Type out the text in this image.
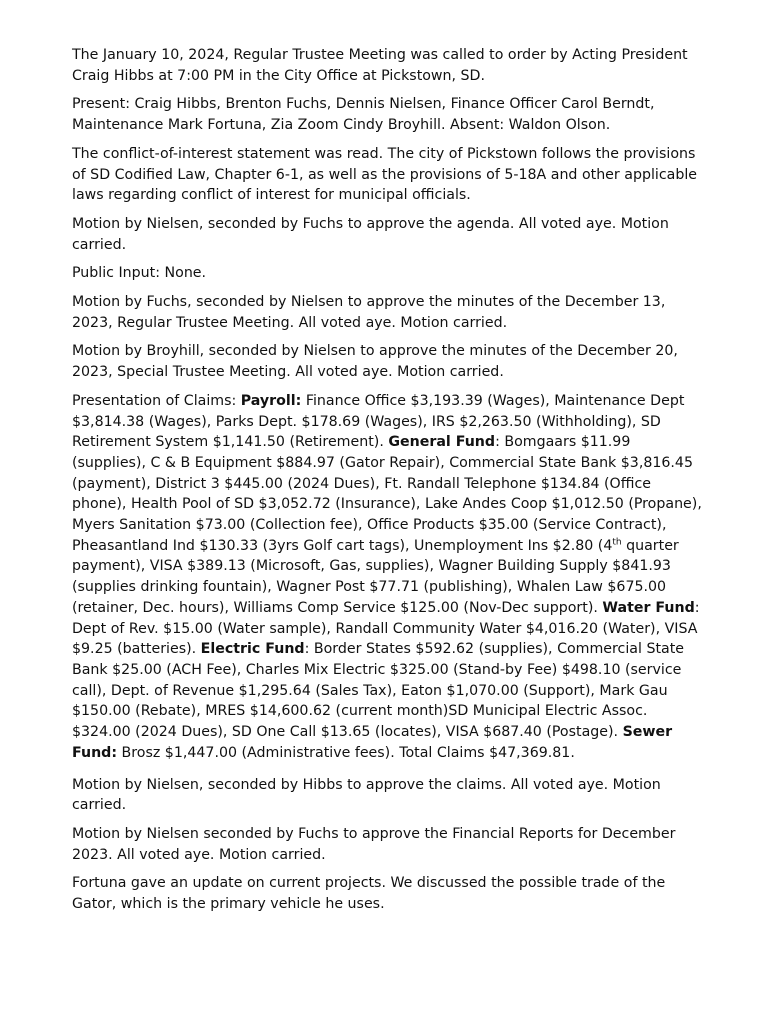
The January 10, 2024, Regular Trustee Meeting was called to order by Acting President Craig Hibbs at 7:00 PM in the City Office at Pickstown, SD.

Present: Craig Hibbs, Brenton Fuchs, Dennis Nielsen, Finance Officer Carol Berndt, Maintenance Mark Fortuna, Zia Zoom Cindy Broyhill. Absent: Waldon Olson.

The conflict-of-interest statement was read. The city of Pickstown follows the provisions of SD Codified Law, Chapter 6-1, as well as the provisions of 5-18A and other applicable laws regarding conflict of interest for municipal officials.

Motion by Nielsen, seconded by Fuchs to approve the agenda. All voted aye. Motion carried.

Public Input: None.

Motion by Fuchs, seconded by Nielsen to approve the minutes of the December 13, 2023, Regular Trustee Meeting. All voted aye. Motion carried.

Motion by Broyhill, seconded by Nielsen to approve the minutes of the December 20, 2023, Special Trustee Meeting. All voted aye. Motion carried.

Presentation of Claims: Payroll: Finance Office $3,193.39 (Wages), Maintenance Dept $3,814.38 (Wages), Parks Dept. $178.69 (Wages), IRS $2,263.50 (Withholding), SD Retirement System $1,141.50 (Retirement). General Fund: Bomgaars $11.99 (supplies), C & B Equipment $884.97 (Gator Repair), Commercial State Bank $3,816.45 (payment), District 3 $445.00 (2024 Dues), Ft. Randall Telephone $134.84 (Office phone), Health Pool of SD $3,052.72 (Insurance), Lake Andes Coop $1,012.50 (Propane), Myers Sanitation $73.00 (Collection fee), Office Products $35.00 (Service Contract), Pheasantland Ind $130.33 (3yrs Golf cart tags), Unemployment Ins $2.80 (4th quarter payment), VISA $389.13 (Microsoft, Gas, supplies), Wagner Building Supply $841.93 (supplies drinking fountain), Wagner Post $77.71 (publishing), Whalen Law $675.00 (retainer, Dec. hours), Williams Comp Service $125.00 (Nov-Dec support). Water Fund: Dept of Rev. $15.00 (Water sample), Randall Community Water $4,016.20 (Water), VISA $9.25 (batteries). Electric Fund: Border States $592.62 (supplies), Commercial State Bank $25.00 (ACH Fee), Charles Mix Electric $325.00 (Stand-by Fee) $498.10 (service call), Dept. of Revenue $1,295.64 (Sales Tax), Eaton $1,070.00 (Support), Mark Gau $150.00 (Rebate), MRES $14,600.62 (current month)SD Municipal Electric Assoc. $324.00 (2024 Dues), SD One Call $13.65 (locates), VISA $687.40 (Postage). Sewer Fund: Brosz $1,447.00 (Administrative fees). Total Claims $47,369.81.

Motion by Nielsen, seconded by Hibbs to approve the claims. All voted aye. Motion carried.

Motion by Nielsen seconded by Fuchs to approve the Financial Reports for December 2023. All voted aye. Motion carried.

Fortuna gave an update on current projects. We discussed the possible trade of the Gator, which is the primary vehicle he uses.
